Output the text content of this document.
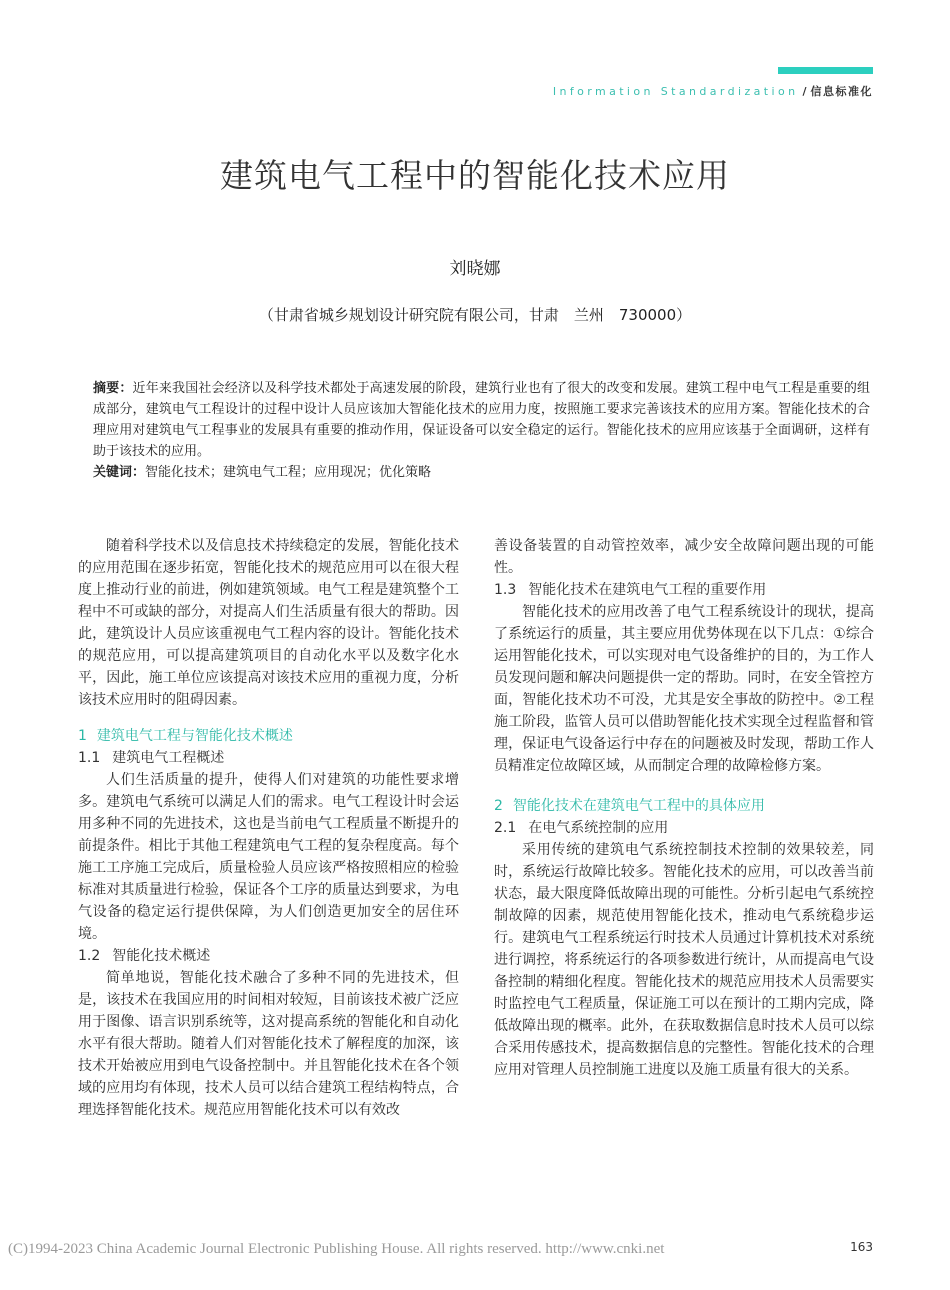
Information Standardization / 信息标准化
建筑电气工程中的智能化技术应用
刘晓娜
（甘肃省城乡规划设计研究院有限公司，甘肃　兰州　730000）

摘要：近年来我国社会经济以及科学技术都处于高速发展的阶段，建筑行业也有了很大的改变和发展。建筑工程中电气工程是重要的组成部分，建筑电气工程设计的过程中设计人员应该加大智能化技术的应用力度，按照施工要求完善该技术的应用方案。智能化技术的合理应用对建筑电气工程事业的发展具有重要的推动作用，保证设备可以安全稳定的运行。智能化技术的应用应该基于全面调研，这样有助于该技术的应用。

关键词：智能化技术；建筑电气工程；应用现况；优化策略

随着科学技术以及信息技术持续稳定的发展，智能化技术的应用范围在逐步拓宽，智能化技术的规范应用可以在很大程度上推动行业的前进，例如建筑领域。电气工程是建筑整个工程中不可或缺的部分，对提高人们生活质量有很大的帮助。因此，建筑设计人员应该重视电气工程内容的设计。智能化技术的规范应用，可以提高建筑项目的自动化水平以及数字化水平，因此，施工单位应该提高对该技术应用的重视力度，分析该技术应用时的阻碍因素。

1 建筑电气工程与智能化技术概述
1.1 建筑电气工程概述

人们生活质量的提升，使得人们对建筑的功能性要求增多。建筑电气系统可以满足人们的需求。电气工程设计时会运用多种不同的先进技术，这也是当前电气工程质量不断提升的前提条件。相比于其他工程建筑电气工程的复杂程度高。每个施工工序施工完成后，质量检验人员应该严格按照相应的检验标准对其质量进行检验，保证各个工序的质量达到要求，为电气设备的稳定运行提供保障，为人们创造更加安全的居住环境。

1.2 智能化技术概述

简单地说，智能化技术融合了多种不同的先进技术，但是，该技术在我国应用的时间相对较短，目前该技术被广泛应用于图像、语言识别系统等，这对提高系统的智能化和自动化水平有很大帮助。随着人们对智能化技术了解程度的加深，该技术开始被应用到电气设备控制中。并且智能化技术在各个领域的应用均有体现，技术人员可以结合建筑工程结构特点，合理选择智能化技术。规范应用智能化技术可以有效改

善设备装置的自动管控效率，减少安全故障问题出现的可能性。

1.3 智能化技术在建筑电气工程的重要作用

智能化技术的应用改善了电气工程系统设计的现状，提高了系统运行的质量，其主要应用优势体现在以下几点：①综合运用智能化技术，可以实现对电气设备维护的目的，为工作人员发现问题和解决问题提供一定的帮助。同时，在安全管控方面，智能化技术功不可没，尤其是安全事故的防控中。②工程施工阶段，监管人员可以借助智能化技术实现全过程监督和管理，保证电气设备运行中存在的问题被及时发现，帮助工作人员精准定位故障区域，从而制定合理的故障检修方案。

2 智能化技术在建筑电气工程中的具体应用
2.1 在电气系统控制的应用

采用传统的建筑电气系统控制技术控制的效果较差，同时，系统运行故障比较多。智能化技术的应用，可以改善当前状态，最大限度降低故障出现的可能性。分析引起电气系统控制故障的因素，规范使用智能化技术，推动电气系统稳步运行。建筑电气工程系统运行时技术人员通过计算机技术对系统进行调控，将系统运行的各项参数进行统计，从而提高电气设备控制的精细化程度。智能化技术的规范应用技术人员需要实时监控电气工程质量，保证施工可以在预计的工期内完成，降低故障出现的概率。此外，在获取数据信息时技术人员可以综合采用传感技术，提高数据信息的完整性。智能化技术的合理应用对管理人员控制施工进度以及施工质量有很大的关系。

(C)1994-2023 China Academic Journal Electronic Publishing House. All rights reserved. http://www.cnki.net	163
